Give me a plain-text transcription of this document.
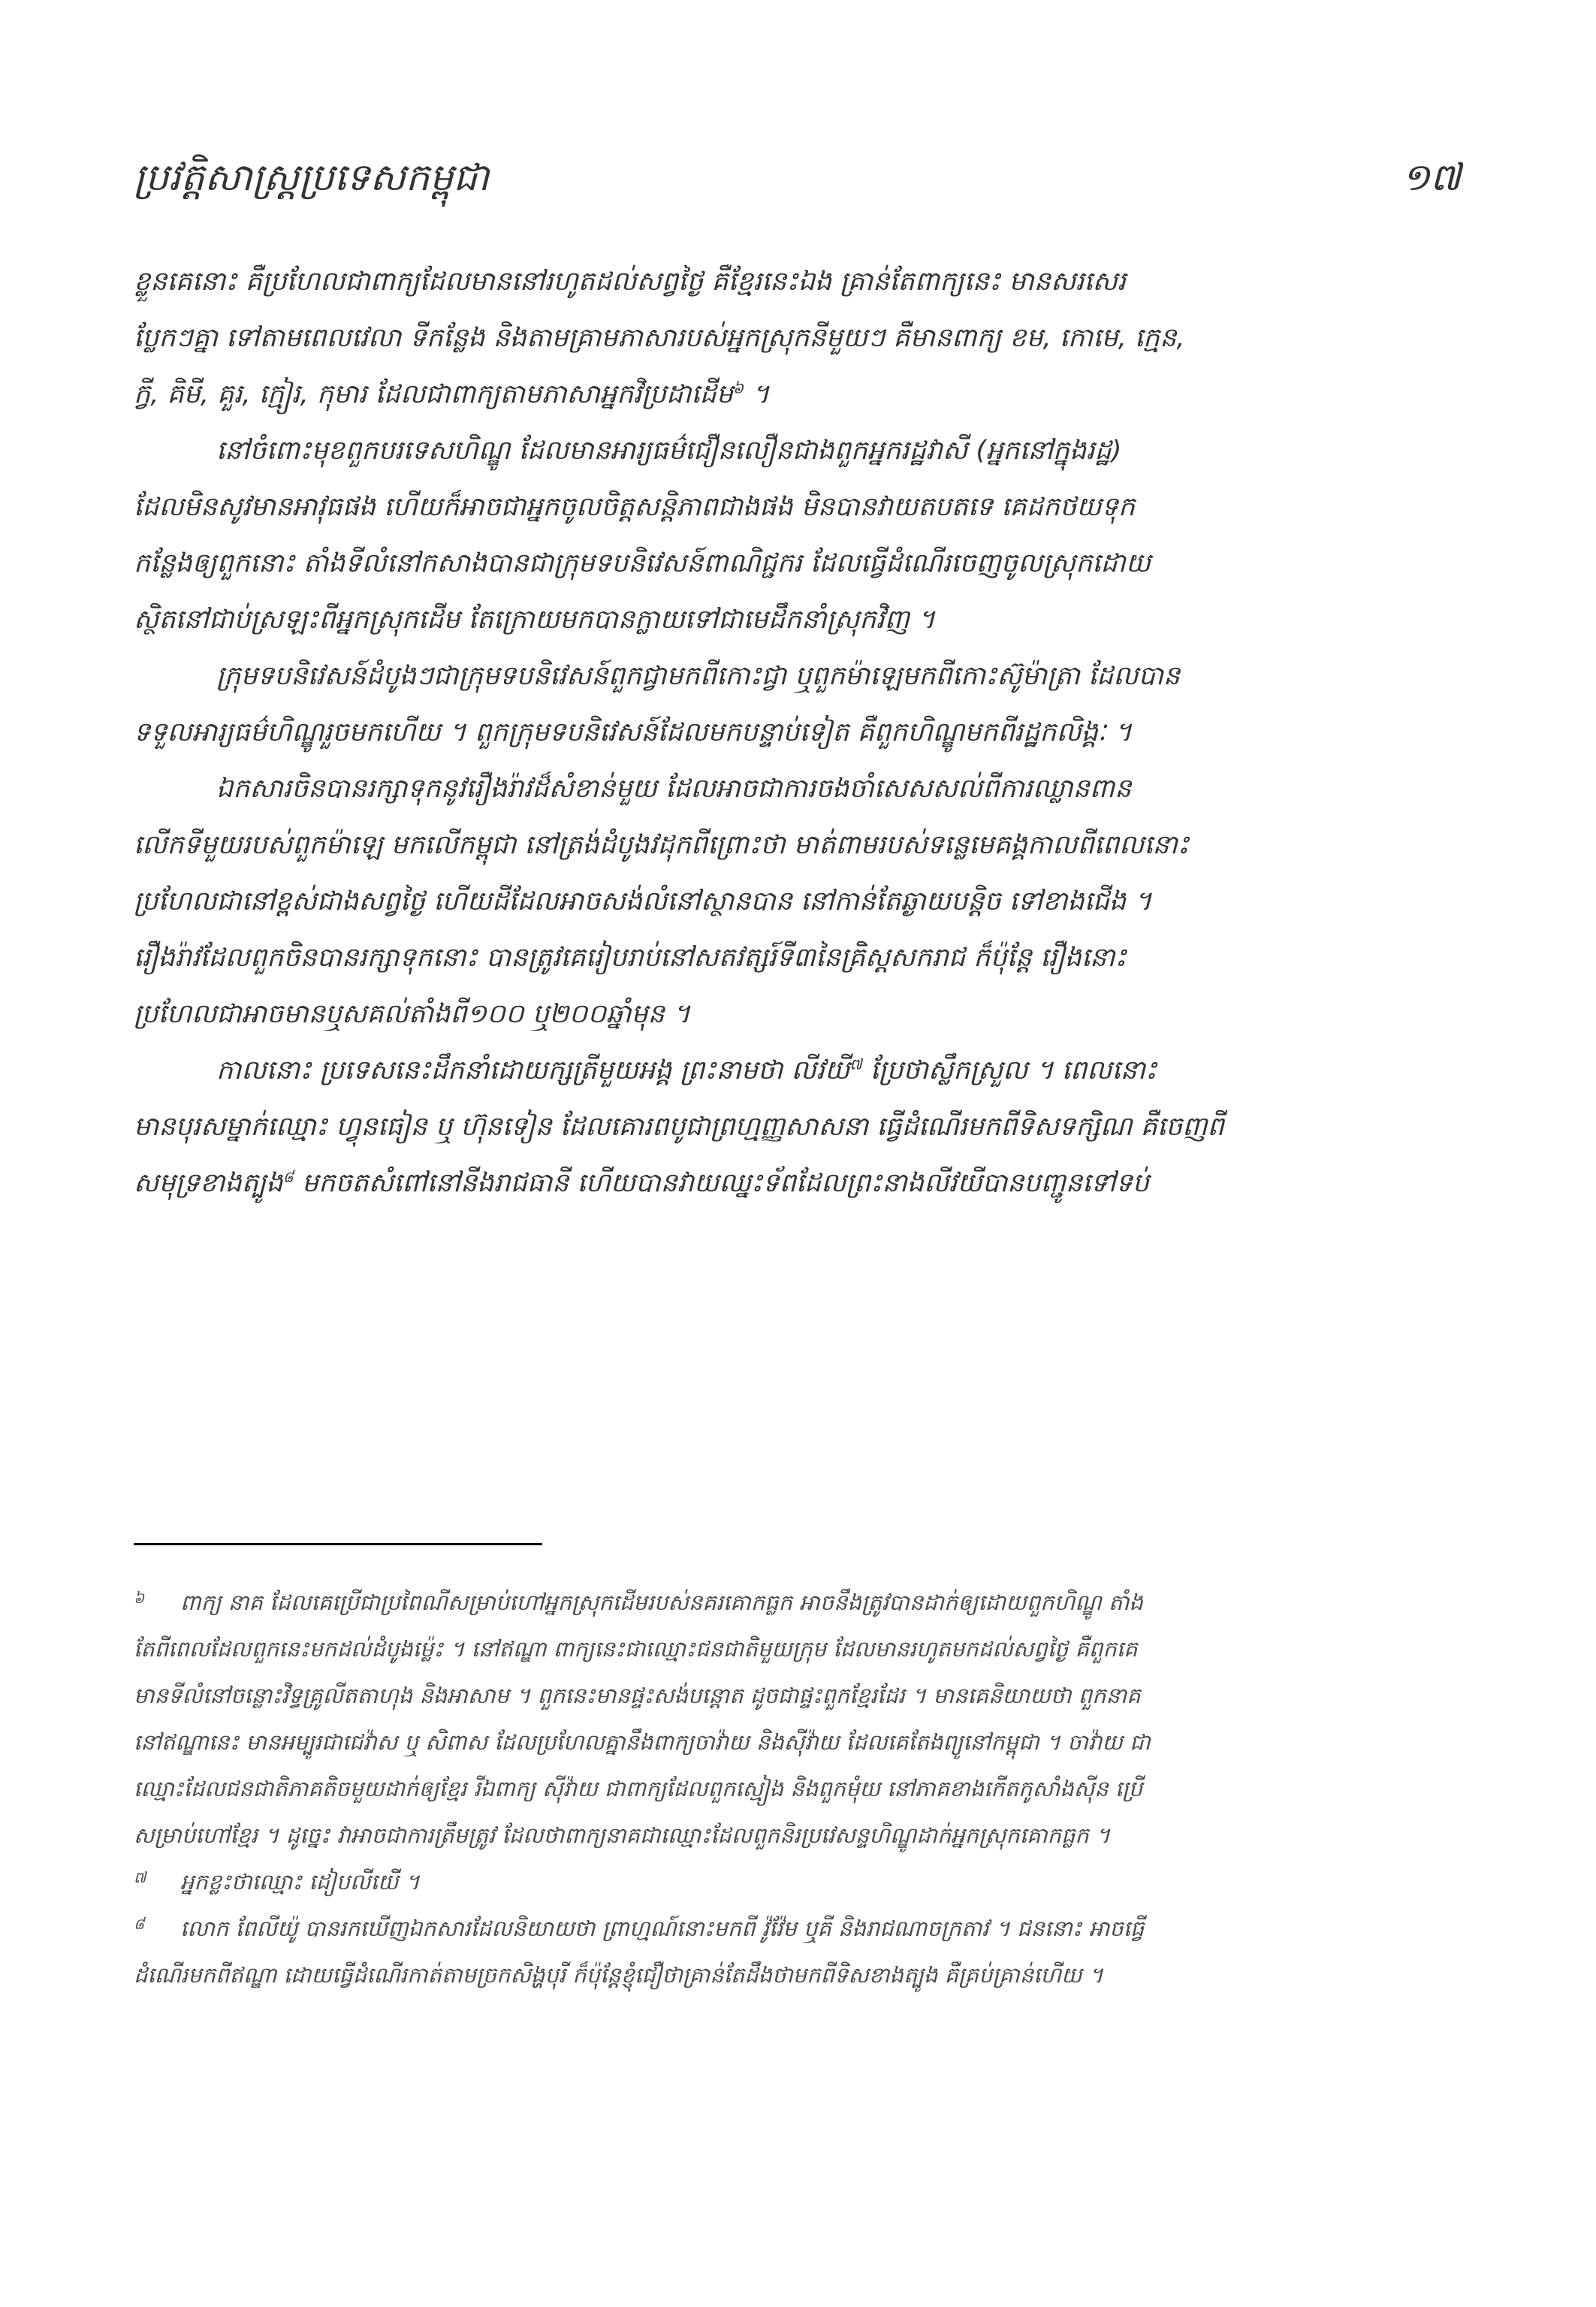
ប្រវត្តិសាស្ត្រប្រទេសកម្ពុជា	១៧

ខ្លួនគេនោះ គឺប្រហែលជាពាក្យដែលមាននៅរហូតដល់សព្វថ្ងៃ គឺខ្មែរនេះឯង គ្រាន់តែពាក្យនេះ មានសរសេរ
ប្លែកៗគ្នា ទៅតាមពេលវេលា ទីកន្លែង និងតាមគ្រាមភាសារបស់អ្នកស្រុកនីមួយៗ គឺមានពាក្យ ខម, កោមេ, ក្មេន,
ក្វី, គិមី, គួរ, ក្មៀរ, កុមារ ដែលជាពាក្យតាមភាសាអ្នកវិប្រដាដើម$^៦$ ។

នៅចំពោះមុខពួកបរទេសហិណ្ឌូ ដែលមានអារ្យធម៌ជឿនលឿនជាងពួកអ្នករដ្ឋវាសី (អ្នកនៅក្នុងរដ្ឋ)
ដែលមិនសូវមានអាវុធផង ហើយក៏អាចជាអ្នកចូលចិត្តសន្តិភាពជាងផង មិនបានវាយតបតទេ គេដកថយទុក
កន្លែងឲ្យពួកនោះ តាំងទីលំនៅកសាងបានជាក្រុមទបនិវេសន៍ពាណិជ្ជករ ដែលធ្វើដំណើរចេញចូលស្រុកដោយ
ស្ថិតនៅជាប់ស្រឡះពីអ្នកស្រុកដើម តែក្រោយមកបានក្លាយទៅជាមេដឹកនាំស្រុកវិញ ។

ក្រុមទបនិវេសន៍ដំបូងៗជាក្រុមទបនិវេសន៍ពួកជ្វាមកពីកោះជ្វា ឬពួកម៉ាឡេមកពីកោះស៊ូម៉ាត្រា ដែលបាន
ទទួលអារ្យធម៌ហិណ្ឌូរួចមកហើយ ។ ពួកក្រុមទបនិវេសន៍ដែលមកបន្ទាប់ទៀត គឺពួកហិណ្ឌូមកពីរដ្ឋកលិង្គៈ ។

ឯកសារចិនបានរក្សាទុកនូវរឿងរ៉ាវដ៏សំខាន់មួយ ដែលអាចជាការចងចាំសេសសល់ពីការឈ្លានពាន
លើកទីមួយរបស់ពួកម៉ាឡេ មកលើកម្ពុជា នៅត្រង់ដំបូងវដុកពីព្រោះថា មាត់ពាមរបស់ទន្លេមេគង្គកាលពីពេលនោះ
ប្រហែលជានៅខ្ពស់ជាងសព្វថ្ងៃ ហើយដីដែលអាចសង់លំនៅស្ថានបាន នៅកាន់តែឆ្ងាយបន្តិច ទៅខាងជើង ។
រឿងរ៉ាវដែលពួកចិនបានរក្សាទុកនោះ បានត្រូវគេរៀបរាប់នៅសតវត្សរ៍ទី៣នៃគ្រិស្តសករាជ ក៏ប៉ុន្តែ រឿងនោះ
ប្រហែលជាអាចមានឬសគល់តាំងពី១០០ ឬ២០០ឆ្នាំមុន ។

កាលនោះ ប្រទេសនេះដឹកនាំដោយក្សត្រីមួយអង្គ ព្រះនាមថា លីវយី$^៧$ ប្រែថាស្លឹកស្រួល ។ ពេលនោះ
មានបុរសម្នាក់ឈ្មោះ ហ្វុនធៀន ឬ ហ៊ុនទៀន ដែលគោរពបូជាព្រហ្មញ្ញសាសនា ធ្វើដំណើរមកពីទិសទក្សិណ គឺចេញពី
សមុទ្រខាងត្បូង$^៨$ មកចតសំពៅនៅនីងរាជធានី ហើយបានវាយឈ្នះទ័ពដែលព្រះនាងលីវយីបានបញ្ជូនទៅទប់

៦	ពាក្យ នាគ ដែលគេប្រើជាប្រពៃណីសម្រាប់ហៅអ្នកស្រុកដើមរបស់នគរគោកធ្លក អាចនឹងត្រូវបានដាក់ឲ្យដោយពួកហិណ្ឌូ តាំង
តែពីពេលដែលពួកនេះមកដល់ដំបូងម្ល៉េះ ។ នៅឥណ្ឌា ពាក្យនេះជាឈ្មោះជនជាតិមួយក្រុម ដែលមានរហូតមកដល់សព្វថ្ងៃ គឺពួកគេ
មានទីលំនៅចន្លោះវិទ្ធគ្រូលីតតាហុង និងអាសាម ។ ពួកនេះមានផ្ទះសង់បន្តោត ដូចជាផ្ទះពួកខ្មែរដែរ ។ មានគេនិយាយថា ពួកនាគ
នៅឥណ្ឌានេះ មានអម្បូរជាជេវ៉ាស ឬ សិពាស ដែលប្រហែលគ្នានឹងពាក្យចាវ៉ាយ និងស៊ីវ៉ាយ ដែលគេតែងព្យូនៅកម្ពុជា ។ ចាវ៉ាយ ជា
ឈ្មោះដែលជនជាតិភាគតិចមួយដាក់ឲ្យខ្មែរ រីឯពាក្យ ស៊ីវ៉ាយ ជាពាក្យដែលពួកស្មៀង និងពួកមុំយ នៅភាគខាងកើតកូសាំងស៊ីន ប្រើ
សម្រាប់ហៅខ្មែរ ។ ដូច្នេះ វាអាចជាការត្រឹមត្រូវ ដែលថាពាក្យនាគជាឈ្មោះដែលពួកនិរប្រវេសន្ទហិណ្ឌូដាក់អ្នកស្រុកគោកធ្លក ។
៧	អ្នកខ្លះថាឈ្មោះ ដៀបលីយើ ។
៨	លោក ពែលីយ៉ូ បានរកឃើញឯកសារដែលនិយាយថា ព្រាហ្មណ៍នោះមកពី វ៉ូវ៉ែម ឬគី និងរាជណាចក្រតាវ ។ ជននោះ អាចធ្វើ
ដំណើរមកពីឥណ្ឌា ដោយធ្វើដំណើរកាត់តាមច្រកសិង្ហបុរី ក៏ប៉ុន្តែខ្ញុំជឿថាគ្រាន់តែដឹងថាមកពីទិសខាងត្បូង គឺគ្រប់គ្រាន់ហើយ ។
